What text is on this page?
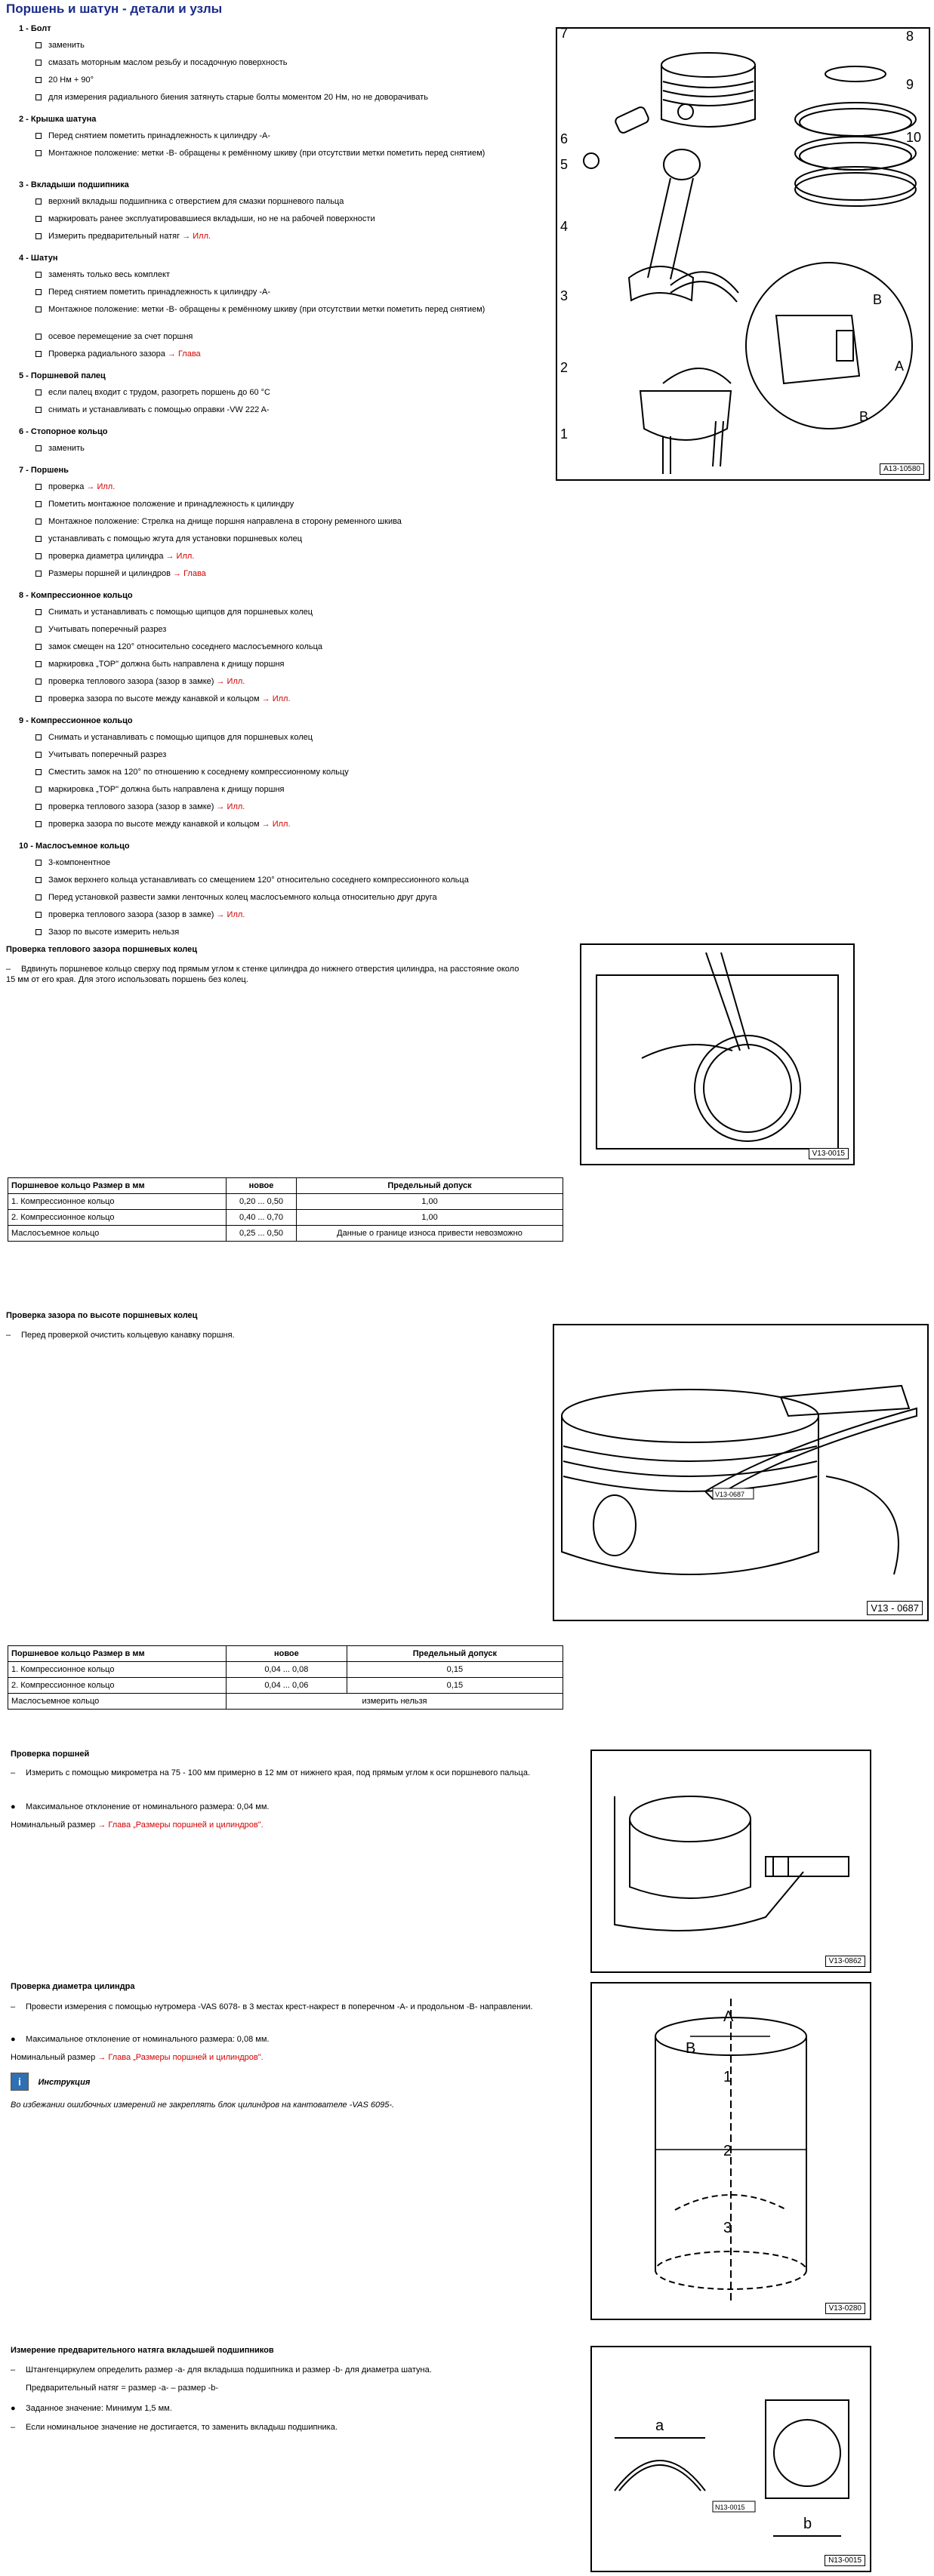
Поршень и шатун - детали и узлы
1 - Болт
заменить
смазать моторным маслом резьбу и посадочную поверхность
20 Нм + 90°
для измерения радиального биения затянуть старые болты моментом 20 Нм, но не доворачивать
2 - Крышка шатуна
Перед снятием пометить принадлежность к цилиндру -А-
Монтажное положение: метки -В- обращены к ремённому шкиву (при отсутствии метки пометить перед снятием)
3 - Вкладыши подшипника
верхний вкладыш подшипника с отверстием для смазки поршневого пальца
маркировать ранее эксплуатировавшиеся вкладыши, но не на рабочей поверхности
Измерить предварительный натяг → Илл.
4 - Шатун
заменять только весь комплект
Перед снятием пометить принадлежность к цилиндру -А-
Монтажное положение: метки -В- обращены к ремённому шкиву (при отсутствии метки пометить перед снятием)
осевое перемещение за счет поршня
Проверка радиального зазора → Глава
5 - Поршневой палец
если палец входит с трудом, разогреть поршень до 60 °C
снимать и устанавливать с помощью оправки -VW 222 A-
6 - Стопорное кольцо
заменить
7 - Поршень
проверка → Илл.
Пометить монтажное положение и принадлежность к цилиндру
Монтажное положение: Стрелка на днище поршня направлена в сторону ременного шкива
устанавливать с помощью жгута для установки поршневых колец
проверка диаметра цилиндра → Илл.
Размеры поршней и цилиндров → Глава
8 - Компрессионное кольцо
Снимать и устанавливать с помощью щипцов для поршневых колец
Учитывать поперечный разрез
замок смещен на 120° относительно соседнего маслосъемного кольца
маркировка „TOP" должна быть направлена к днищу поршня
проверка теплового зазора (зазор в замке) → Илл.
проверка зазора по высоте между канавкой и кольцом → Илл.
9 - Компрессионное кольцо
Снимать и устанавливать с помощью щипцов для поршневых колец
Учитывать поперечный разрез
Сместить замок на 120° по отношению к соседнему компрессионному кольцу
маркировка „TOP" должна быть направлена к днищу поршня
проверка теплового зазора (зазор в замке) → Илл.
проверка зазора по высоте между канавкой и кольцом → Илл.
10 - Маслосъемное кольцо
3-компонентное
Замок верхнего кольца устанавливать со смещением 120° относительно соседнего компрессионного кольца
Перед установкой развести замки ленточных колец маслосъемного кольца относительно друг друга
проверка теплового зазора (зазор в замке) → Илл.
Зазор по высоте измерить нельзя
7	8
9
10
6
5
4
3
2
1
A
B
B
A13-10580
Проверка теплового зазора поршневых колец
– Вдвинуть поршневое кольцо сверху под прямым углом к стенке цилиндра до нижнего отверстия цилиндра, на расстояние около 15 мм от его края. Для этого использовать поршень без колец.
V13-0015
Поршневое кольцо Размер в мм	новое	Предельный допуск
1. Компрессионное кольцо	0,20 ... 0,50	1,00
2. Компрессионное кольцо	0,40 ... 0,70	1,00
Маслосъемное кольцо	0,25 ... 0,50	Данные о границе износа привести невозможно
Проверка зазора по высоте поршневых колец
– Перед проверкой очистить кольцевую канавку поршня.
V13-0687
V13 - 0687
Поршневое кольцо Размер в мм	новое	Предельный допуск
1. Компрессионное кольцо	0,04 ... 0,08	0,15
2. Компрессионное кольцо	0,04 ... 0,06	0,15
Маслосъемное кольцо	измерить нельзя	
Проверка поршней
– Измерить с помощью микрометра на 75 - 100 мм примерно в 12 мм от нижнего края, под прямым углом к оси поршневого пальца.
● Максимальное отклонение от номинального размера: 0,04 мм.
Номинальный размер → Глава „Размеры поршней и цилиндров".
V13-0862
Проверка диаметра цилиндра
– Провести измерения с помощью нутромера -VAS 6078- в 3 местах крест-накрест в поперечном -А- и продольном -В- направлении.
● Максимальное отклонение от номинального размера: 0,08 мм.
Номинальный размер → Глава „Размеры поршней и цилиндров".
i Инструкция
Во избежании ошибочных измерений не закреплять блок цилиндров на кантователе -VAS 6095-.
A
B
1
2
3
V13-0280
Измерение предварительного натяга вкладышей подшипников
– Штангенциркулем определить размер -a- для вкладыша подшипника и размер -b- для диаметра шатуна.
Предварительный натяг = размер -a- – размер -b-
● Заданное значение: Минимум 1,5 мм.
– Если номинальное значение не достигается, то заменить вкладыш подшипника.	a
b
N13-0015
N13-0015
